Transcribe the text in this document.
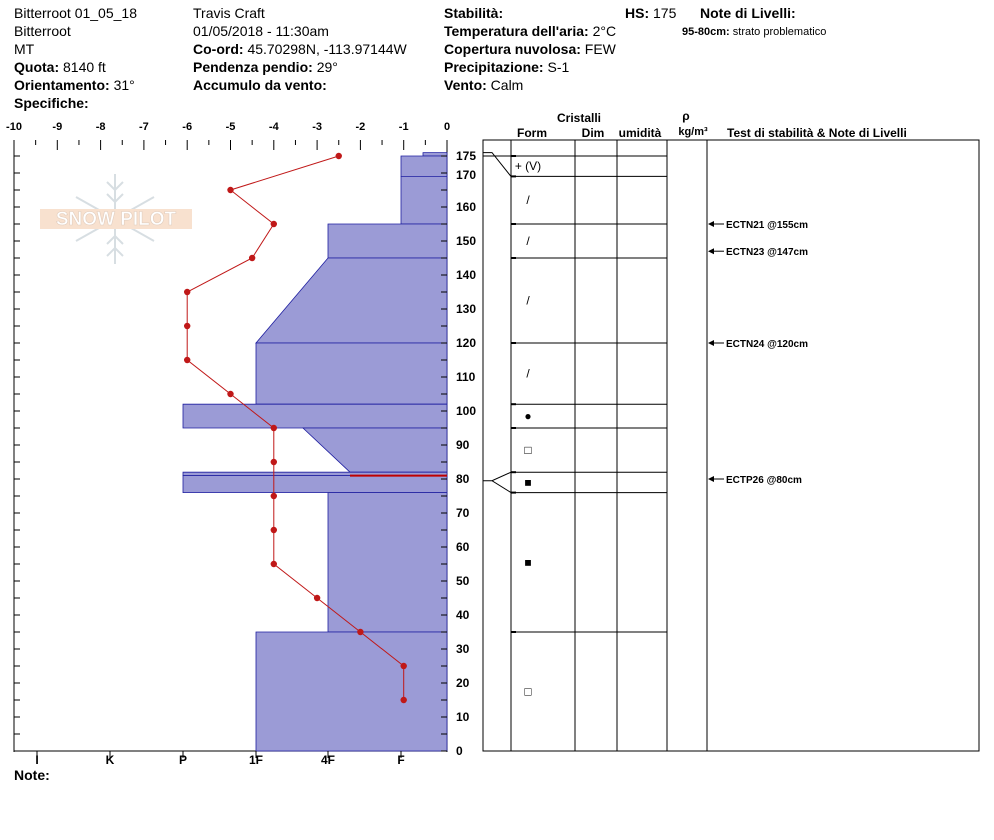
Bitterroot 01_05_18
Bitterroot
MT
Quota: 8140 ft
Orientamento: 31°
Specifiche:
Travis Craft
01/05/2018 - 11:30am
Co-ord: 45.70298N, -113.97144W
Pendenza pendio: 29°
Accumulo da vento:
Stabilità:
Temperatura dell'aria: 2°C
Copertura nuvolosa: FEW
Precipitazione: S-1
Vento: Calm
HS: 175 Note di Livelli:
95-80cm: strato problematico
SNOW PILOT
-10	-9	-8	-7	-6	-5	-4	-3	-2	-1	0
I	K	P	1F	4F	F
0
10
20
30
40
50
60
70
80
90
100
110
120
130
140
150
160
170
175
Cristalli
Form	Dim umidità
ρ
kg/m³ Test di stabilità & Note di Livelli
+ (V)
/
/
/
/
●
□
■
■
□
ECTN21 @155cm
ECTN23 @147cm
ECTN24 @120cm
ECTP26 @80cm
Note:
